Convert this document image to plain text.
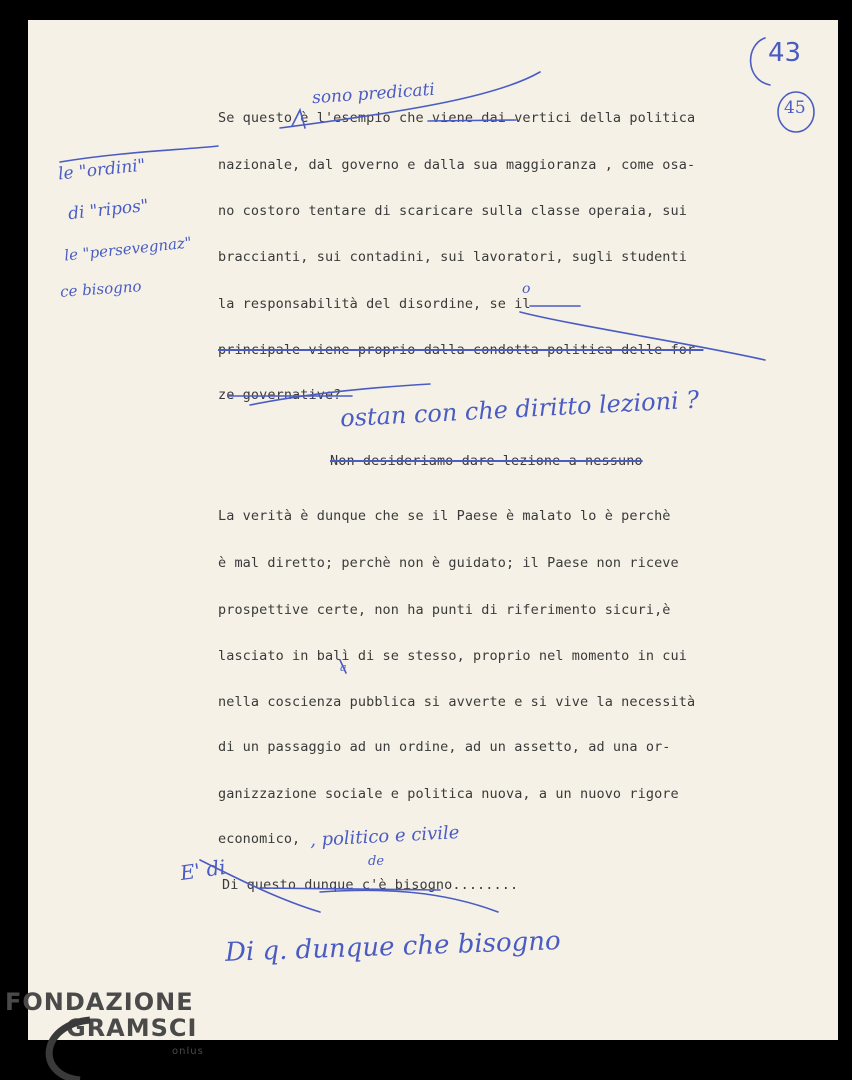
43
45
Se questo è l'esempio che viene dai vertici della politica
nazionale, dal governo e dalla sua maggioranza , come osa-
no costoro tentare di scaricare sulla classe operaia, sui
braccianti, sui contadini, sui lavoratori, sugli studenti
la responsabilità del disordine, se il
principale viene proprio dalla condotta politica delle for-
ze governative?
Non desideriamo dare lezione a nessuno
La verità è dunque che se il Paese è malato lo è perchè
è mal diretto; perchè non è guidato; il Paese non riceve
prospettive certe, non ha punti di riferimento sicuri,è
lasciato in balì di se stesso, proprio nel momento in cui
nella coscienza pubblica si avverte e si vive la necessità
di un passaggio ad un ordine, ad un assetto, ad una or-
ganizzazione sociale e politica nuova, a un nuovo rigore
economico,
Di questo dunque c'è bisogno........
sono predicati
o
le "ordini"
di "ripos"
le "persevegnaz"
ce bisogno
ostan con che diritto lezioni ?
, politico e civile
E' di	de
a
Di q. dunque che bisogno
FONDAZIONE
GRAMSCI
onlus
